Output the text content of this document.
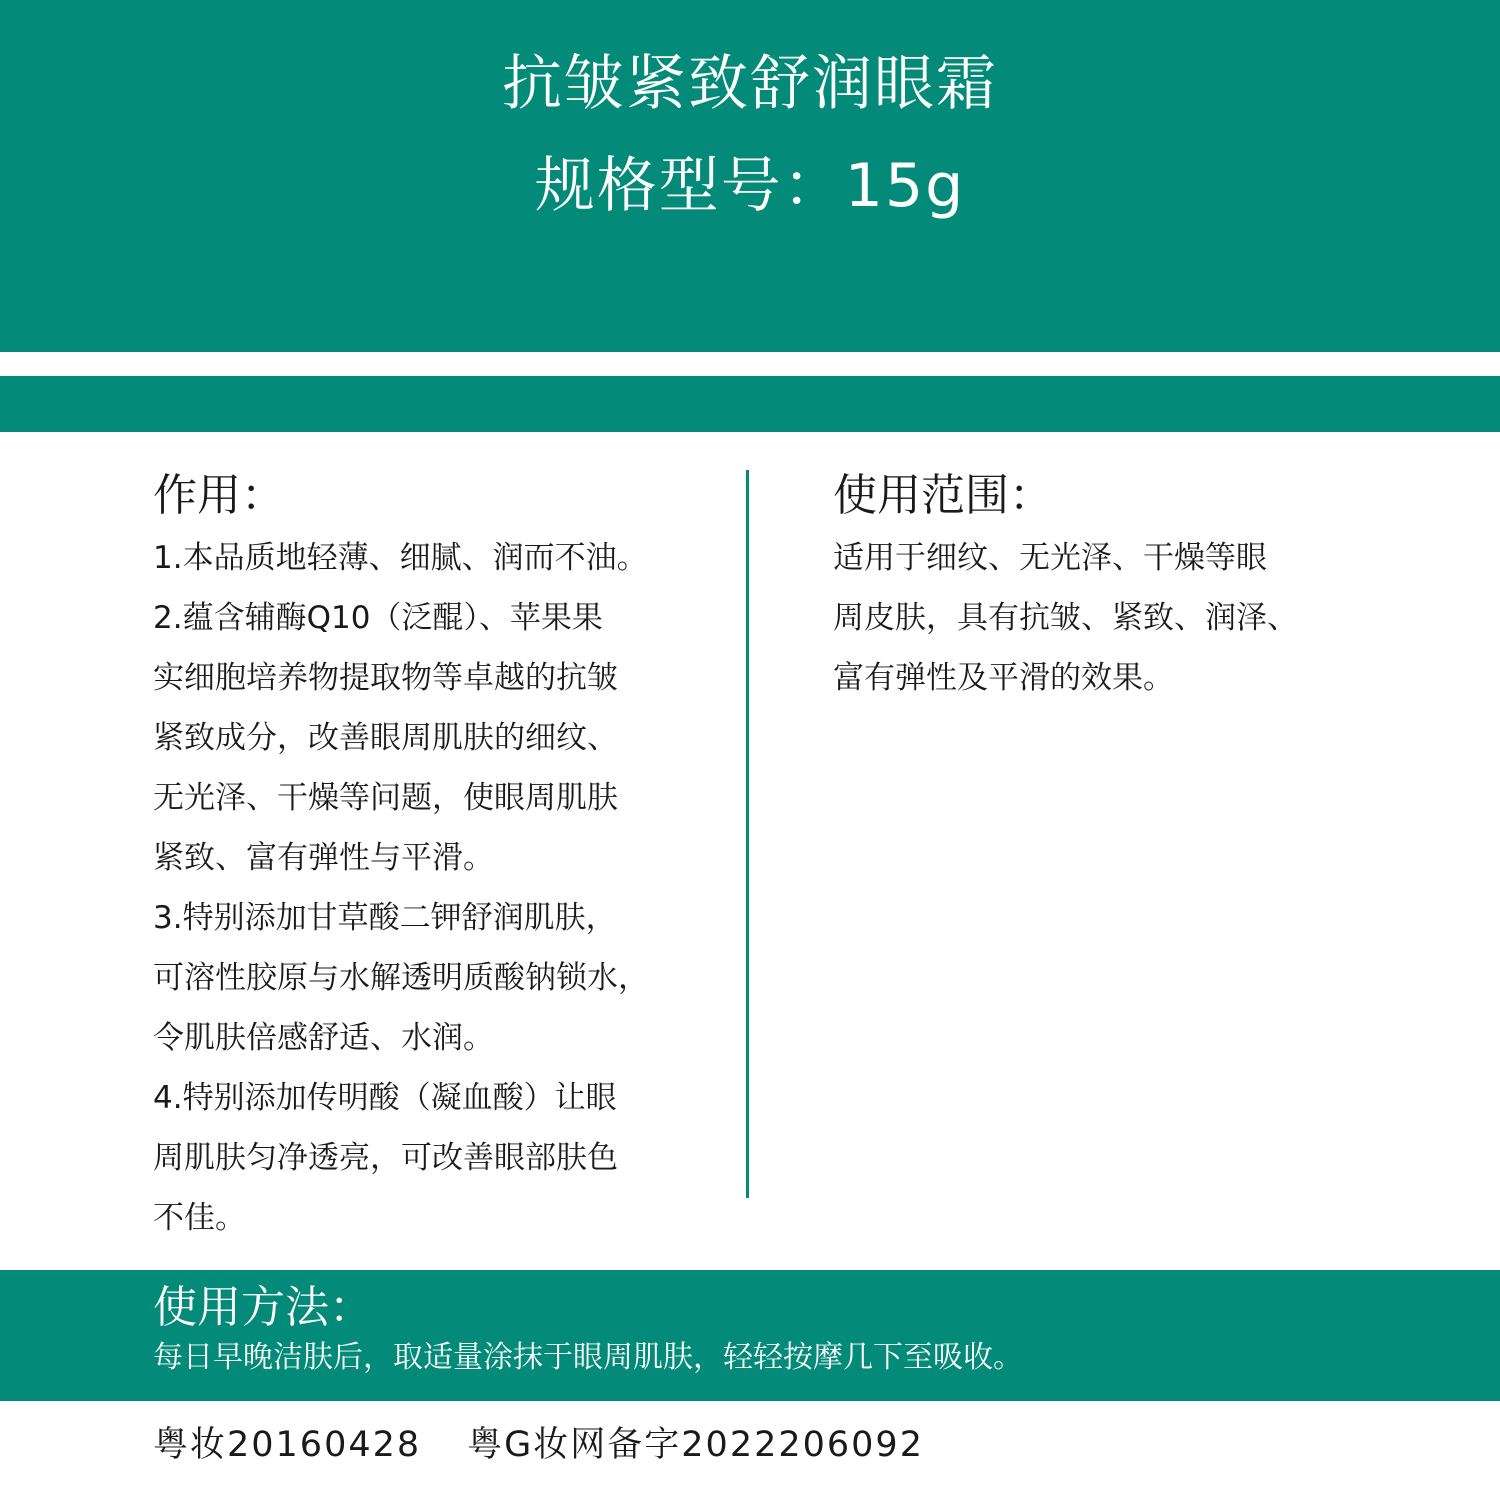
抗皱紧致舒润眼霜
规格型号：15g
作用：
1.本品质地轻薄、细腻、润而不油。
2.蕴含辅酶Q10（泛醌）、苹果果
实细胞培养物提取物等卓越的抗皱
紧致成分，改善眼周肌肤的细纹、
无光泽、干燥等问题，使眼周肌肤
紧致、富有弹性与平滑。
3.特别添加甘草酸二钾舒润肌肤，
可溶性胶原与水解透明质酸钠锁水，
令肌肤倍感舒适、水润。
4.特别添加传明酸（凝血酸）让眼
周肌肤匀净透亮，可改善眼部肤色
不佳。
使用范围：
适用于细纹、无光泽、干燥等眼
周皮肤，具有抗皱、紧致、润泽、
富有弹性及平滑的效果。
使用方法：
每日早晚洁肤后，取适量涂抹于眼周肌肤，轻轻按摩几下至吸收。
粤妆20160428 粤G妆网备字2022206092
